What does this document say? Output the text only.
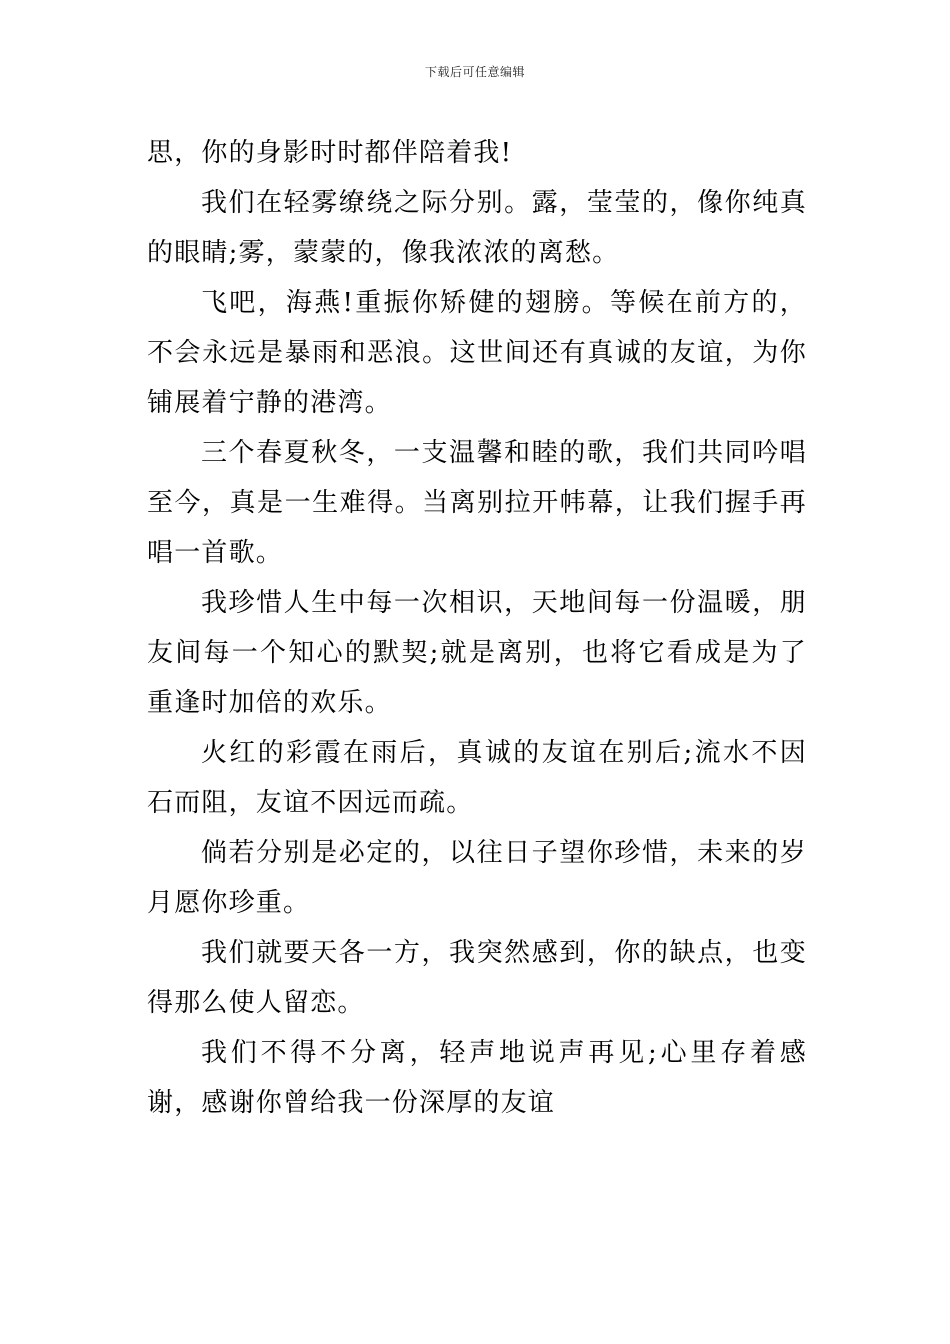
下载后可任意编辑

思，你的身影时时都伴陪着我!

我们在轻雾缭绕之际分别。露，莹莹的，像你纯真的眼睛;雾，蒙蒙的，像我浓浓的离愁。

飞吧，海燕!重振你矫健的翅膀。等候在前方的，不会永远是暴雨和恶浪。这世间还有真诚的友谊，为你铺展着宁静的港湾。

三个春夏秋冬，一支温馨和睦的歌，我们共同吟唱至今，真是一生难得。当离别拉开帏幕，让我们握手再唱一首歌。

我珍惜人生中每一次相识，天地间每一份温暖，朋友间每一个知心的默契;就是离别，也将它看成是为了重逢时加倍的欢乐。

火红的彩霞在雨后，真诚的友谊在别后;流水不因石而阻，友谊不因远而疏。

倘若分别是必定的，以往日子望你珍惜，未来的岁月愿你珍重。

我们就要天各一方，我突然感到，你的缺点，也变得那么使人留恋。

我们不得不分离，轻声地说声再见;心里存着感谢，感谢你曾给我一份深厚的友谊
